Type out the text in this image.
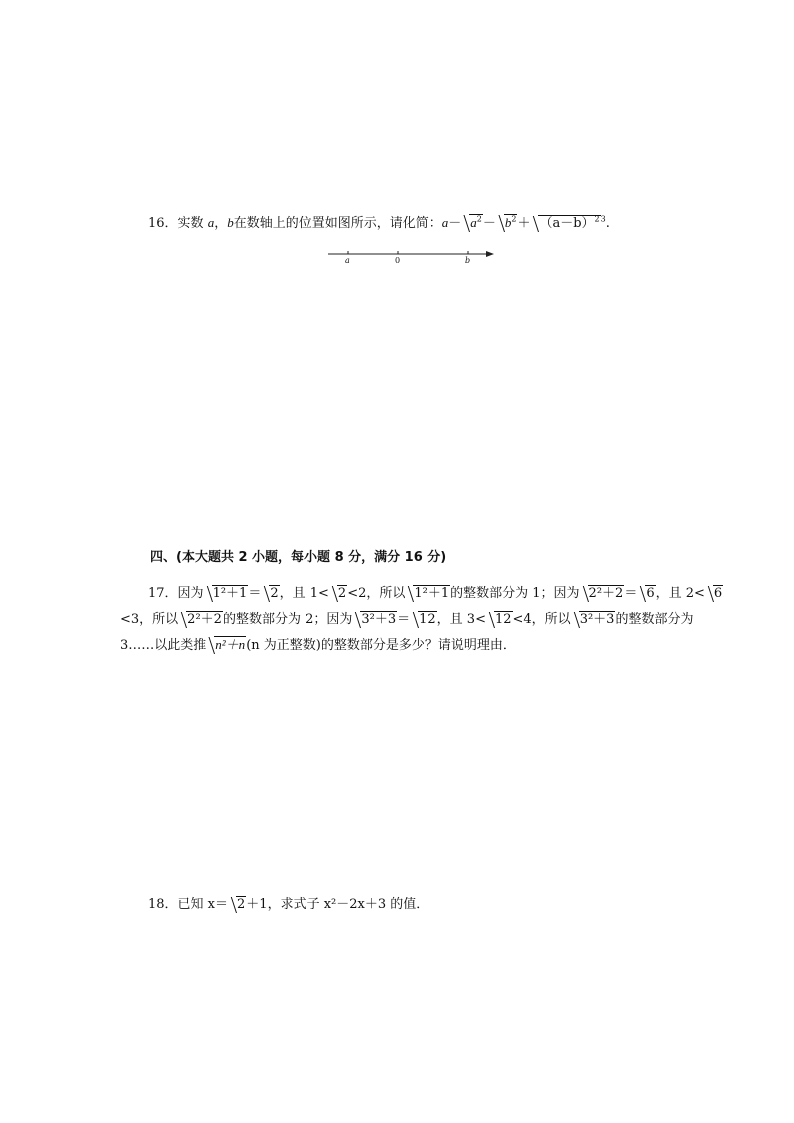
16．实数 a，b在数轴上的位置如图所示，请化简：$a- a^2- b^2+ (a-b)^{23}$.
a	0	b
四、(本大题共 2 小题，每小题 8 分，满分 16 分)
17．因为 1²＋1＝ 2，且 1< 2<2，所以 1²＋1的整数部分为 1；因为 2²＋2＝ 6，且 2< 6
<3，所以 2²＋2的整数部分为 2；因为 3²＋3＝ 12，且 3< 12<4，所以 3²＋3的整数部分为
3……以此类推 n²＋n(n 为正整数)的整数部分是多少？请说明理由．
18．已知 x＝ 2＋1，求式子 x²－2x＋3 的值．
